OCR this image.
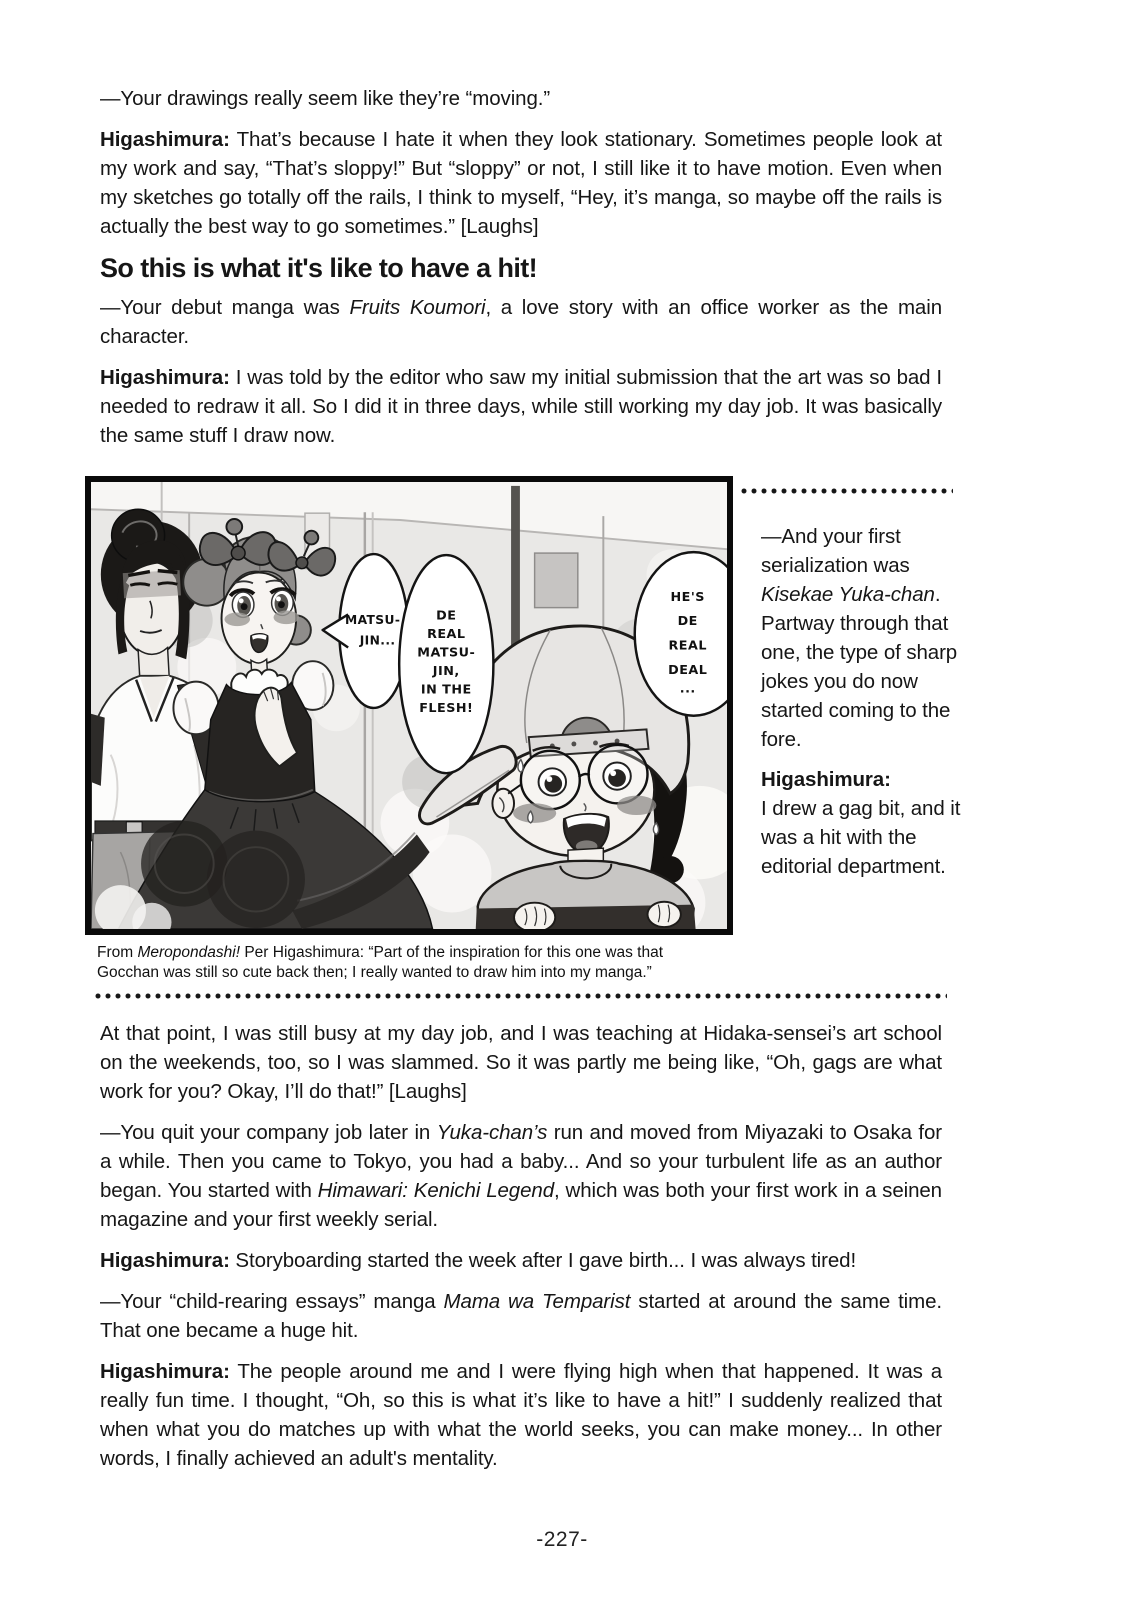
—Your drawings really seem like they’re “moving.”

Higashimura: That’s because I hate it when they look stationary. Sometimes people look at my work and say, “That’s sloppy!” But “sloppy” or not, I still like it to have motion. Even when my sketches go totally off the rails, I think to myself, “Hey, it’s manga, so maybe off the rails is actually the best way to go sometimes.” [Laughs]

So this is what it's like to have a hit!

—Your debut manga was Fruits Koumori, a love story with an office worker as the main character.

Higashimura: I was told by the editor who saw my initial submission that the art was so bad I needed to redraw it all. So I did it in three days, while still working my day job. It was basically the same stuff I draw now.

MATSU-
JIN...
DE
REAL
MATSU-
JIN,
IN THE
FLESH!
HE'S
DE
REAL
DEAL
...

—And your first serialization was Kisekae Yuka-chan. Partway through that one, the type of sharp jokes you do now started coming to the fore.

Higashimura:
I drew a gag bit, and it was a hit with the editorial department.

From Meropondashi! Per Higashimura: “Part of the inspiration for this one was that Gocchan was still so cute back then; I really wanted to draw him into my manga.”

At that point, I was still busy at my day job, and I was teaching at Hidaka-sensei’s art school on the weekends, too, so I was slammed. So it was partly me being like, “Oh, gags are what work for you? Okay, I’ll do that!” [Laughs]

—You quit your company job later in Yuka-chan’s run and moved from Miyazaki to Osaka for a while. Then you came to Tokyo, you had a baby... And so your turbulent life as an author began. You started with Himawari: Kenichi Legend, which was both your first work in a seinen magazine and your first weekly serial.

Higashimura: Storyboarding started the week after I gave birth... I was always tired!

—Your “child-rearing essays” manga Mama wa Temparist started at around the same time. That one became a huge hit.

Higashimura: The people around me and I were flying high when that happened. It was a really fun time. I thought, “Oh, so this is what it’s like to have a hit!” I suddenly realized that when what you do matches up with what the world seeks, you can make money... In other words, I finally achieved an adult's mentality.

-227-
